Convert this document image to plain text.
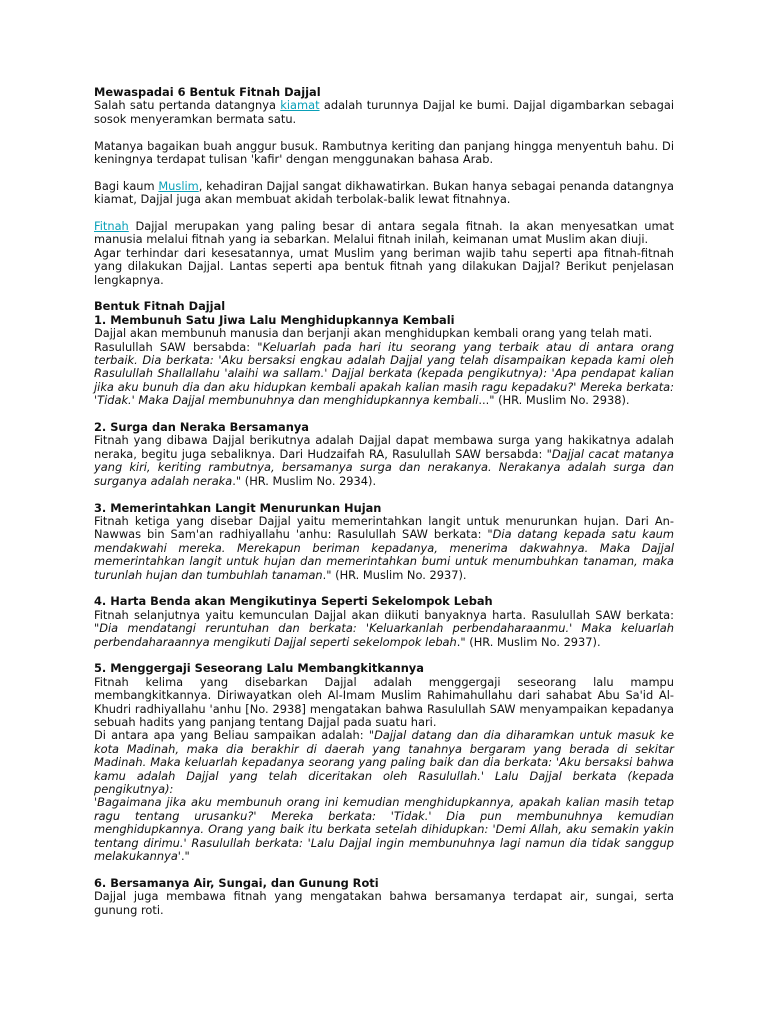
Mewaspadai 6 Bentuk Fitnah Dajjal

Salah satu pertanda datangnya kiamat adalah turunnya Dajjal ke bumi. Dajjal digambarkan sebagai sosok menyeramkan bermata satu.

Matanya bagaikan buah anggur busuk. Rambutnya keriting dan panjang hingga menyentuh bahu. Di keningnya terdapat tulisan 'kafir' dengan menggunakan bahasa Arab.

Bagi kaum Muslim, kehadiran Dajjal sangat dikhawatirkan. Bukan hanya sebagai penanda datangnya kiamat, Dajjal juga akan membuat akidah terbolak-balik lewat fitnahnya.

Fitnah Dajjal merupakan yang paling besar di antara segala fitnah. Ia akan menyesatkan umat manusia melalui fitnah yang ia sebarkan. Melalui fitnah inilah, keimanan umat Muslim akan diuji.

Agar terhindar dari kesesatannya, umat Muslim yang beriman wajib tahu seperti apa fitnah-fitnah yang dilakukan Dajjal. Lantas seperti apa bentuk fitnah yang dilakukan Dajjal? Berikut penjelasan lengkapnya.

Bentuk Fitnah Dajjal

1. Membunuh Satu Jiwa Lalu Menghidupkannya Kembali

Dajjal akan membunuh manusia dan berjanji akan menghidupkan kembali orang yang telah mati.

Rasulullah SAW bersabda: "Keluarlah pada hari itu seorang yang terbaik atau di antara orang terbaik. Dia berkata: 'Aku bersaksi engkau adalah Dajjal yang telah disampaikan kepada kami oleh Rasulullah Shallallahu 'alaihi wa sallam.' Dajjal berkata (kepada pengikutnya): 'Apa pendapat kalian jika aku bunuh dia dan aku hidupkan kembali apakah kalian masih ragu kepadaku?' Mereka berkata: 'Tidak.' Maka Dajjal membunuhnya dan menghidupkannya kembali..." (HR. Muslim No. 2938).

2. Surga dan Neraka Bersamanya

Fitnah yang dibawa Dajjal berikutnya adalah Dajjal dapat membawa surga yang hakikatnya adalah neraka, begitu juga sebaliknya. Dari Hudzaifah RA, Rasulullah SAW bersabda: "Dajjal cacat matanya yang kiri, keriting rambutnya, bersamanya surga dan nerakanya. Nerakanya adalah surga dan surganya adalah neraka." (HR. Muslim No. 2934).

3. Memerintahkan Langit Menurunkan Hujan

Fitnah ketiga yang disebar Dajjal yaitu memerintahkan langit untuk menurunkan hujan. Dari An-Nawwas bin Sam'an radhiyallahu 'anhu: Rasulullah SAW berkata: "Dia datang kepada satu kaum mendakwahi mereka. Merekapun beriman kepadanya, menerima dakwahnya. Maka Dajjal memerintahkan langit untuk hujan dan memerintahkan bumi untuk menumbuhkan tanaman, maka turunlah hujan dan tumbuhlah tanaman." (HR. Muslim No. 2937).

4. Harta Benda akan Mengikutinya Seperti Sekelompok Lebah

Fitnah selanjutnya yaitu kemunculan Dajjal akan diikuti banyaknya harta. Rasulullah SAW berkata: "Dia mendatangi reruntuhan dan berkata: 'Keluarkanlah perbendaharaanmu.' Maka keluarlah perbendaharaannya mengikuti Dajjal seperti sekelompok lebah." (HR. Muslim No. 2937).

5. Menggergaji Seseorang Lalu Membangkitkannya

Fitnah kelima yang disebarkan Dajjal adalah menggergaji seseorang lalu mampu membangkitkannya. Diriwayatkan oleh Al-Imam Muslim Rahimahullahu dari sahabat Abu Sa'id Al-Khudri radhiyallahu 'anhu [No. 2938] mengatakan bahwa Rasulullah SAW menyampaikan kepadanya sebuah hadits yang panjang tentang Dajjal pada suatu hari.

Di antara apa yang Beliau sampaikan adalah: "Dajjal datang dan dia diharamkan untuk masuk ke kota Madinah, maka dia berakhir di daerah yang tanahnya bergaram yang berada di sekitar Madinah. Maka keluarlah kepadanya seorang yang paling baik dan dia berkata: 'Aku bersaksi bahwa kamu adalah Dajjal yang telah diceritakan oleh Rasulullah.' Lalu Dajjal berkata (kepada pengikutnya):

'Bagaimana jika aku membunuh orang ini kemudian menghidupkannya, apakah kalian masih tetap ragu tentang urusanku?' Mereka berkata: 'Tidak.' Dia pun membunuhnya kemudian menghidupkannya. Orang yang baik itu berkata setelah dihidupkan: 'Demi Allah, aku semakin yakin tentang dirimu.' Rasulullah berkata: 'Lalu Dajjal ingin membunuhnya lagi namun dia tidak sanggup melakukannya'."

6. Bersamanya Air, Sungai, dan Gunung Roti

Dajjal juga membawa fitnah yang mengatakan bahwa bersamanya terdapat air, sungai, serta gunung roti.
